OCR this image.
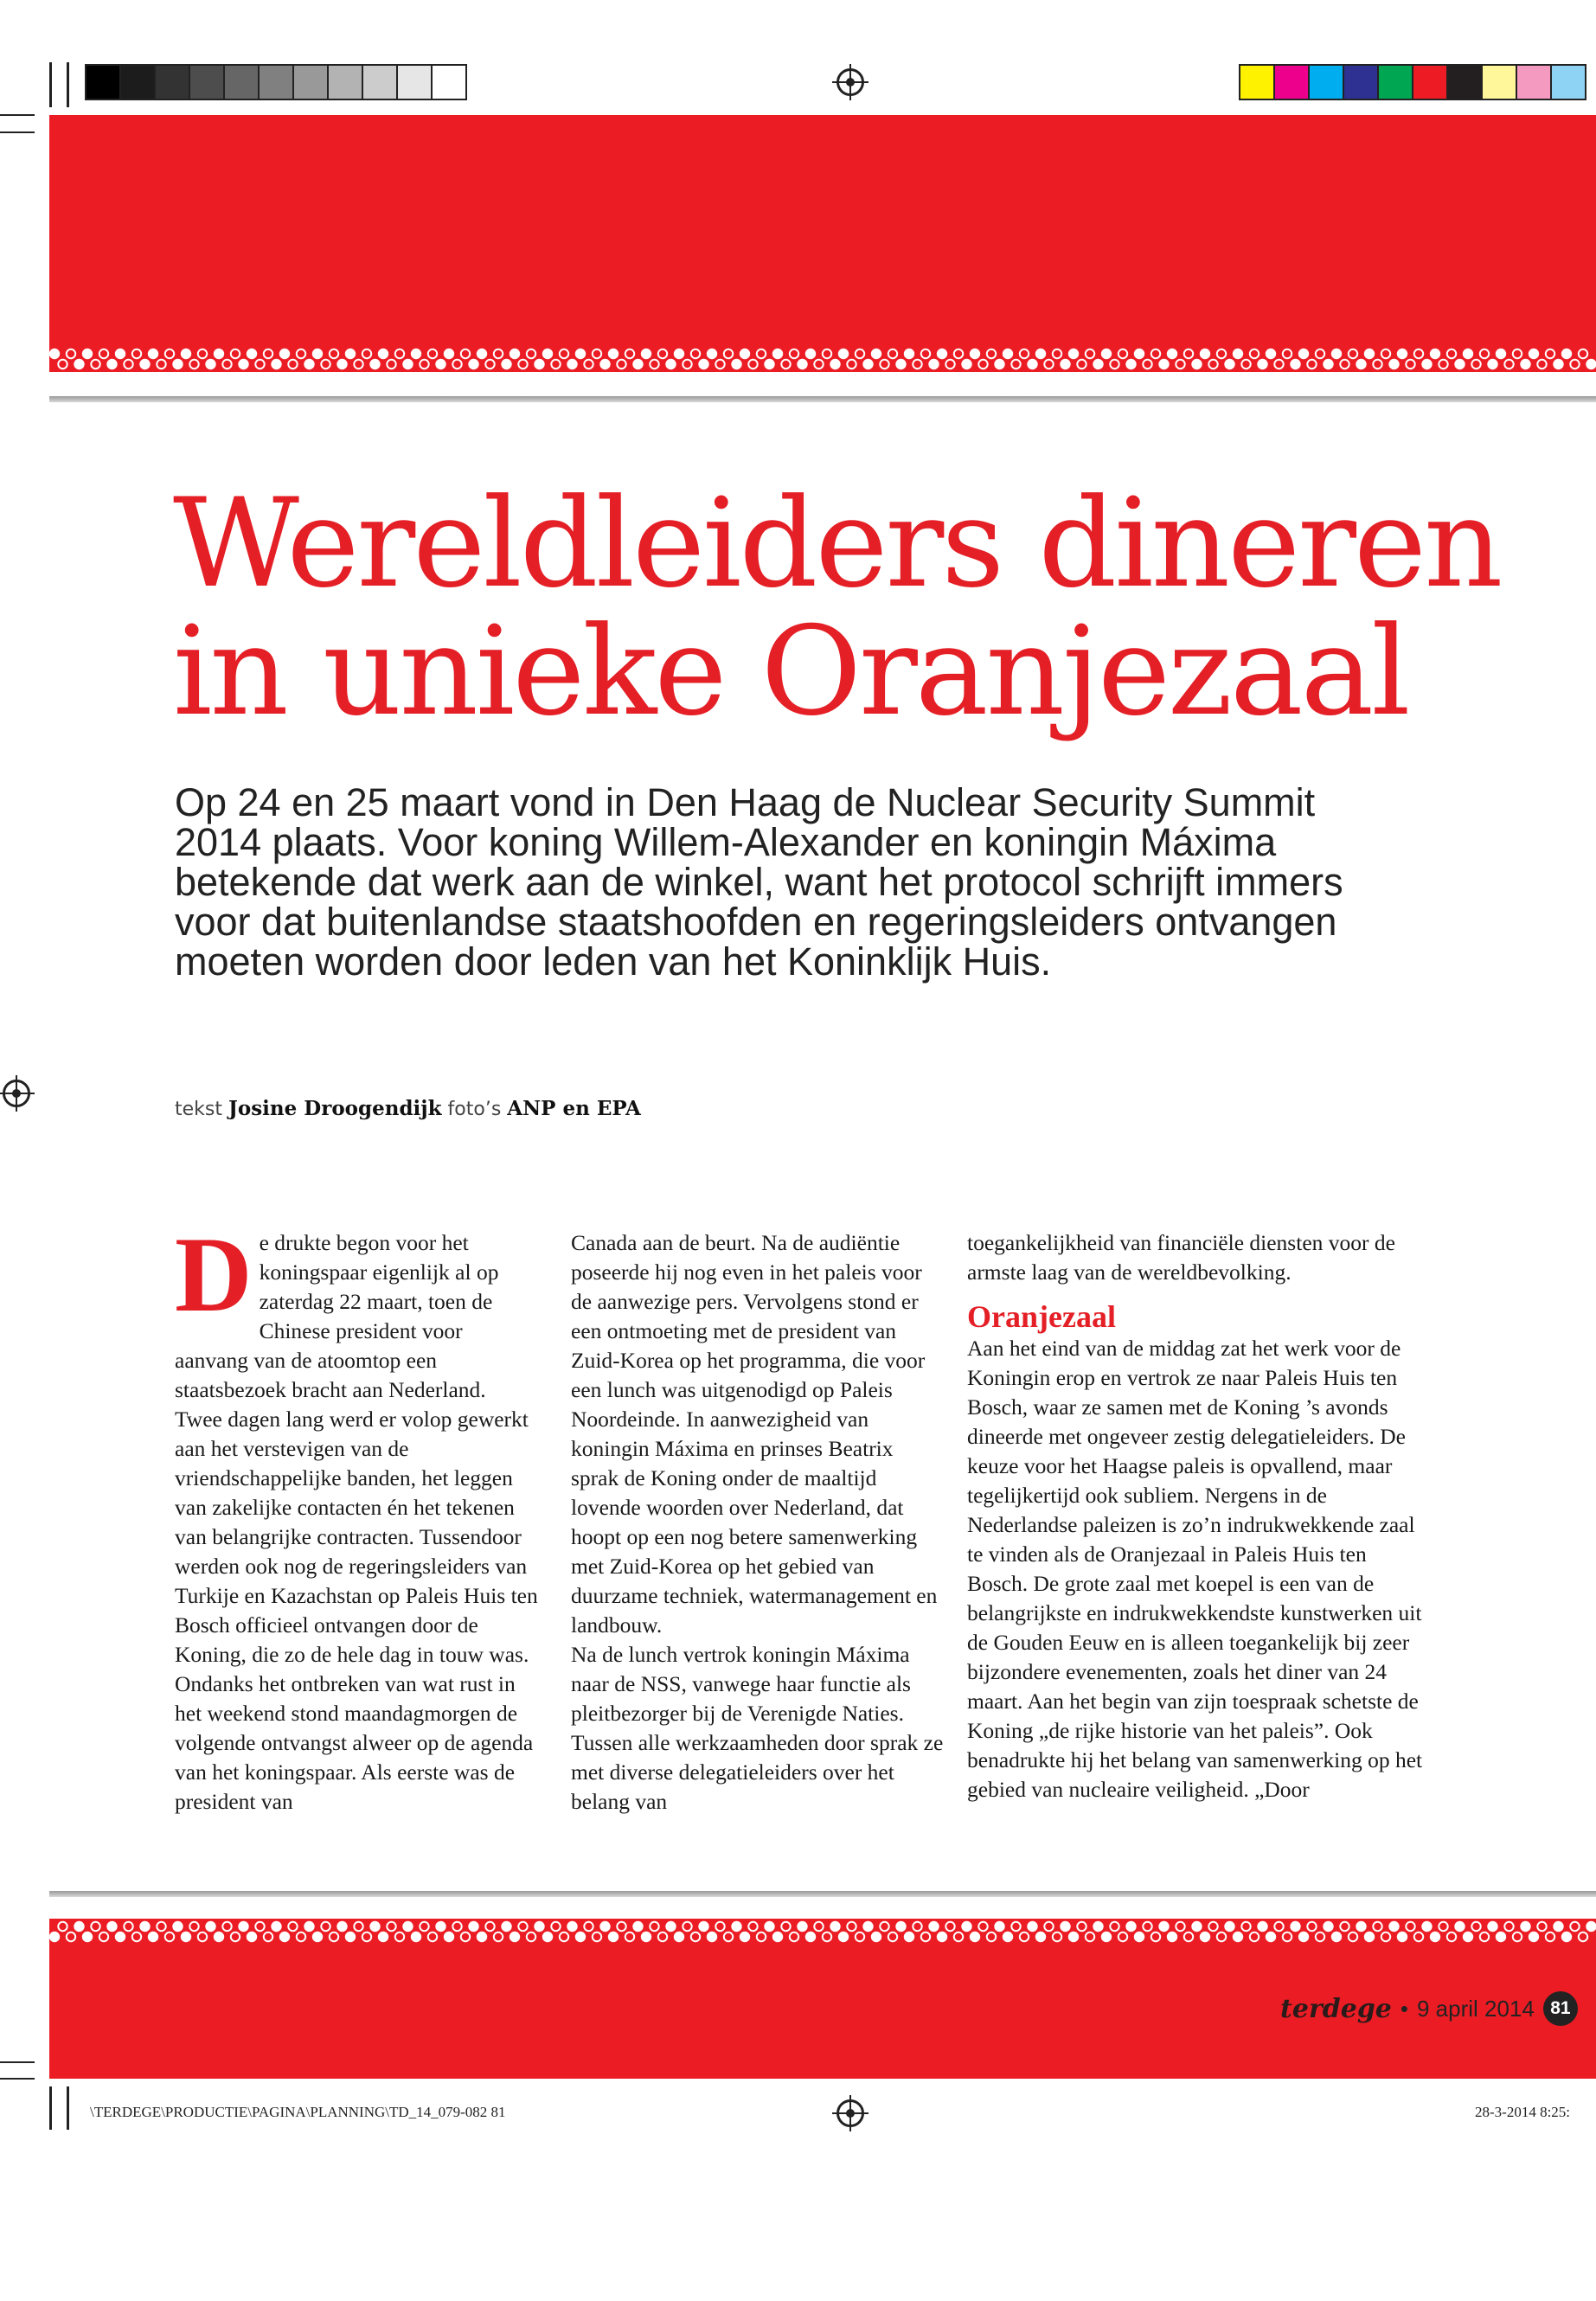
Wereldleiders dineren in unieke Oranjezaal

Op 24 en 25 maart vond in Den Haag de Nuclear Security Summit 2014 plaats. Voor koning Willem-Alexander en koningin Máxima betekende dat werk aan de winkel, want het protocol schrijft immers voor dat buitenlandse staatshoofden en regeringsleiders ontvangen moeten worden door leden van het Koninklijk Huis.

tekst Josine Droogendijk foto’s ANP en EPA
D e drukte begon voor het koningspaar eigenlijk al op zaterdag 22 maart, toen de Chinese president voor aanvang van de atoomtop een staatsbezoek bracht aan Nederland. Twee dagen lang werd er volop gewerkt aan het verstevigen van de vriendschappelijke banden, het leggen van zakelijke contacten én het tekenen van belangrijke contracten. Tussendoor werden ook nog de regeringsleiders van Turkije en Kazachstan op Paleis Huis ten Bosch officieel ontvangen door de Koning, die zo de hele dag in touw was.

Ondanks het ontbreken van wat rust in het weekend stond maandagmorgen de volgende ontvangst alweer op de agenda van het koningspaar. Als eerste was de president van

Canada aan de beurt. Na de audiëntie poseerde hij nog even in het paleis voor de aanwezige pers. Vervolgens stond er een ontmoeting met de president van Zuid-Korea op het programma, die voor een lunch was uitgenodigd op Paleis Noordeinde. In aanwezigheid van koningin Máxima en prinses Beatrix sprak de Koning onder de maaltijd lovende woorden over Nederland, dat hoopt op een nog betere samenwerking met Zuid-Korea op het gebied van duurzame techniek, watermanagement en landbouw.

Na de lunch vertrok koningin Máxima naar de NSS, vanwege haar functie als pleitbezorger bij de Verenigde Naties. Tussen alle werkzaamheden door sprak ze met diverse delegatieleiders over het belang van

toegankelijkheid van financiële diensten voor de armste laag van de wereldbevolking.

Oranjezaal

Aan het eind van de middag zat het werk voor de Koningin erop en vertrok ze naar Paleis Huis ten Bosch, waar ze samen met de Koning ’s avonds dineerde met ongeveer zestig delegatieleiders. De keuze voor het Haagse paleis is opvallend, maar tegelijkertijd ook subliem. Nergens in de Nederlandse paleizen is zo’n indrukwekkende zaal te vinden als de Oranjezaal in Paleis Huis ten Bosch. De grote zaal met koepel is een van de belangrijkste en indrukwekkendste kunstwerken uit de Gouden Eeuw en is alleen toegankelijk bij zeer bijzondere evenementen, zoals het diner van 24 maart. Aan het begin van zijn toespraak schetste de Koning „de rijke historie van het paleis”. Ook benadrukte hij het belang van samenwerking op het gebied van nucleaire veiligheid. „Door

terdege • 9 april 2014 81
\TERDEGE\PRODUCTIE\PAGINA\PLANNING\TD_14_079-082 81	28-3-2014 8:25:
